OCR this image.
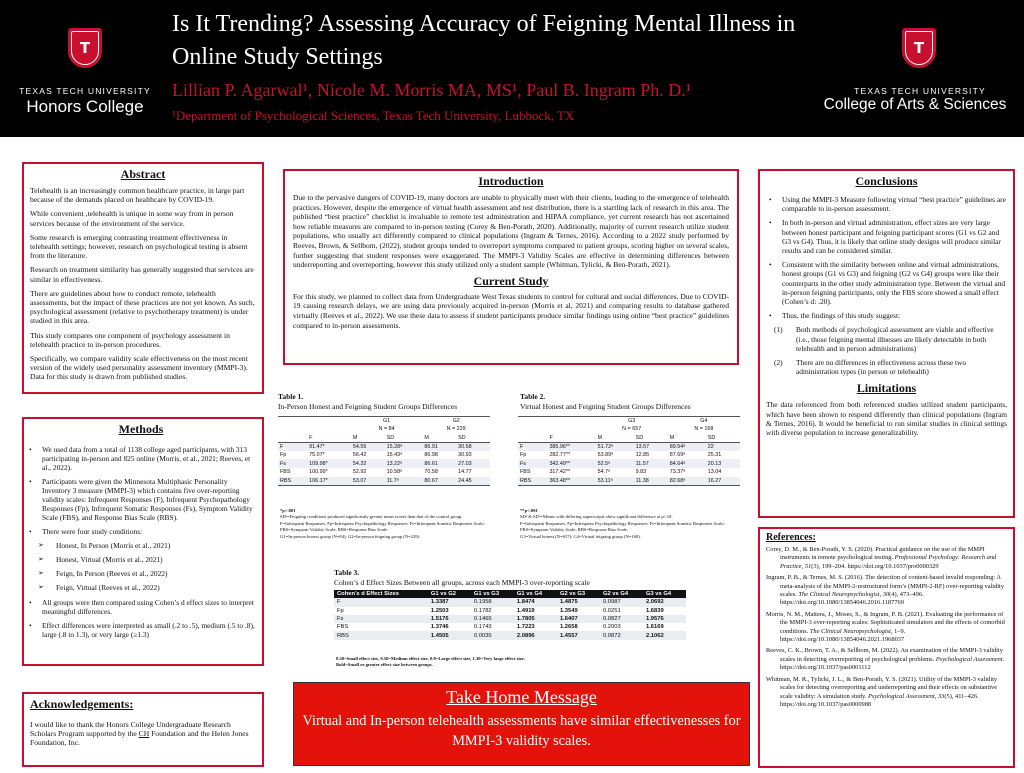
T
TEXAS TECH UNIVERSITY
Honors College
Is It Trending? Assessing Accuracy of Feigning Mental Illness in Online Study Settings
Lillian P. Agarwal¹, Nicole M. Morris MA, MS¹, Paul B. Ingram Ph. D.¹
¹Department of Psychological Sciences, Texas Tech University, Lubbock, TX
T
TEXAS TECH UNIVERSITY
College of Arts & Sciences
Abstract

Telehealth is an increasingly common healthcare practice, in large part because of the demands placed on healthcare by COVID-19.

While convenient ,telehealth is unique in some way from in person services because of the environment of the service.

Some research is emerging contrasting treatment effectiveness in telehealth settings; however, research on psychological testing is absent from the literature.

Research on treatment similarity has generally suggested that services are similar in effectiveness.

There are guidelines about how to conduct remote, telehealth assessments, but the impact of these practices are not yet known. As such, psychological assessment (relative to psychotherapy treatment) is under studied in this area.

This study compares one component of psychology assessment in telehealth practice to in-person procedures.

Specifically, we compare validity scale effectiveness on the most recent version of the widely used personality assessment inventory (MMPI-3). Data for this study is drawn from published studies.

Methods
• We used data from a total of 1138 college aged participants, with 313 participating in-person and 825 online (Morris, et al., 2021; Reeves, et al., 2022).
• Participants were given the Minnesota Multiphasic Personality Inventory 3 measure (MMPI-3) which contains five over-reporting validity scales: Infrequent Responses (F), Infrequent Psychopathology Responses (Fp), Infrequent Somatic Responses (Fs), Symptom Validity Scale (FBS), and Response Bias Scale (RBS).
• There were four study conditions:
➢ Honest, In Person (Morris et al., 2021)
➢ Honest, Virtual (Morris et al., 2021)
➢ Feign, In Person (Reeves et al., 2022)
➢ Feign, Virtual (Reeves et al., 2022)
• All groups were then compared using Cohen’s d effect sizes to interpret meaningful differences.
• Effect differences were interpreted as small (.2 to .5), medium (.5 to .8), large (.8 to 1.3), or very large (≥1.3)
Acknowledgements:
I would like to thank the Honors College Undergraduate Research Scholars Program supported by the CH Foundation and the Helen Jones Foundation, Inc.
Introduction
Due to the pervasive dangers of COVID-19, many doctors are unable to physically meet with their clients, leading to the emergence of telehealth practices. However, despite the emergence of virtual health assessment and test distribution, there is a startling lack of research in this area. The published “best practice” checklist is invaluable to remote test administration and HIPAA compliance, yet current research has not ascertained how reliable measures are compared to in-person testing (Corey & Ben-Porath, 2020). Additionally, majority of current research utilize student populations, who usually act differently compared to clinical populations (Ingram & Ternes, 2016). According to a 2022 study performed by Reeves, Brown, & Sellbom, (2022), student groups tended to overreport symptoms compared to patient groups, scoring higher on several scales, further suggesting that student responses were exaggerated. The MMPI-3 Validity Scales are effective in determining differences between underreporting and overreporting, however this study utilized only a student sample (Whitman, Tylicki, & Ben-Porath, 2021).
Current Study
For this study, we planned to collect data from Undergraduate West Texas students to control for cultural and social differences. Due to COVID-19 causing research delays, we are using data previously acquired in-person (Morris et al, 2021) and comparing results to database gathered virtually (Reeves et al., 2022). We use these data to assess if student participants produce similar findings using online “best practice” guidelines compared to in-person assessments.
Table 1.
In-Person Honest and Feigning Student Groups Differences
		G1		G2	
		N = 84		N = 229	
	F	M	SD	M	SD
F	91.47*	54.55	15.28ᵃ	86.91	30.58
Fp	75.07*	56.42	15.43ᵃ	86.98	30.93
Fs	109.98*	54.32	13.22ᵃ	86.61	27.03
FBS	100.99*	52.92	10.58ᵃ	70.58	14.77
RBS	106.17*	53.07	11.7ᵃ	80.67	24.45
*p<.001
SDᵃ=Feigning conditions produced significantly greater mean scores than that of the control group.
F=Infrequent Responses; Fp=Infrequent Psychopathology Responses; Fs=Infrequent Somatic Responses Scale; FBS=Symptom Validity Scale; RBS=Response Bias Scale.
G1=In-person honest group (N=84); G2=In-person feigning group (N=229).
Table 2.
Virtual Honest and Feigning Student Groups Differences
		G3		G4	
		N = 657		N = 168	
	F	M	SD	M	SD
F	385.96**	51.72ᵃ	13.57	89.54ᵃ	22
Fp	282.77**	53.89ᵃ	12.85	87.69ᵃ	25.31
Fs	342.49**	52.5ᵃ	11.57	84.64ᵃ	20.13
FBS	317.42**	54.7ᵃ	9.83	73.37ᵃ	13.04
RBS	363.48**	53.11ᵃ	11.38	82.68ᵃ	16.27
**p<.001
SDᵃ & SDᵇ=Means with differing superscripts show significant difference at p<.01.
F=Infrequent Responses; Fp=Infrequent Psychopathology Responses; Fs=Infrequent Somatic Responses Scale; FBS=Symptom Validity Scale; RBS=Response Bias Scale.
G3=Virtual honest (N=657); G4=Virtual feigning group (N=168).
Table 3.
Cohen’s d Effect Sizes Between all groups, across each MMPI-3 over-reporting scale
Cohen’s d Effect Sizes	G1 vs G2	G1 vs G3	G1 vs G4	G2 vs G3	G2 vs G4	G3 vs G4
F	1.3387	0.1958	1.8474	1.4875	0.0987	2.0692
Fp	1.2503	0.1782	1.4919	1.3549	0.0251	1.6839
Fs	1.5176	0.1465	1.7805	1.6407	0.0827	1.9576
FBS	1.3746	0.1743	1.7223	1.2658	0.2003	1.6169
RBS	1.4505	0.0035	2.0896	1.4557	0.0872	2.1062
0.20=Small effect size, 0.50=Medium effect size, 0.8=Large effect size, 1.30=Very large effect size.
Bold=Small or greater effect size between groups.
Take Home Message
Virtual and In-person telehealth assessments have similar effectivenesses for MMPI-3 validity scales.
Conclusions
• Using the MMPI-3 Measure following virtual “best practice” guidelines are comparable to in-person assessment.
• In both in-person and virtual administration, effect sizes are very large between honest participant and feigning participant scores (G1 vs G2 and G3 vs G4). Thus, it is likely that online study designs will produce similar results and can be considered similar.
• Consistent with the similarity between online and virtual administrations, honest groups (G1 vs G3) and feigning (G2 vs G4) groups were like their counterparts in the other study administration type. Between the virtual and in-person feigning participants, only the FBS score showed a small effect (Cohen’s d: .20).
• Thus, the findings of this study suggest:
(1)	Both methods of psychological assessment are viable and effective (i.e., those feigning mental illnesses are likely detectable in both telehealth and in person administrations)
(2)	There are no differences in effectiveness across these two administration types (in person or telehealth)
Limitations
The data referenced from both referenced studies utilized student participants, which have been shown to respond differently than clinical populations (Ingram & Ternes, 2016). It would be beneficial to run similar studies in clinical settings with diverse population to increase generalizability.
References:
Corey, D. M., & Ben-Porath, Y. S. (2020). Practical guidance on the use of the MMPI instruments in remote psychological testing. Professional Psychology: Research and Practice, 51(3), 199–204. https://doi.org/10.1037/pro0000329
Ingram, P. B., & Ternes, M. S. (2016). The detection of content-based invalid responding: A meta-analysis of the MMPI-2-restructured form’s (MMPI-2-RF) over-reporting validity scales. The Clinical Neuropsychologist, 30(4), 473–496. https://doi.org/10.1080/13854046.2016.1187769
Morris, N. M., Mattera, J., Moses, S., & Ingram, P. B. (2021). Evaluating the performance of the MMPI-3 over-reporting scales: Sophisticated simulators and the effects of comorbid conditions. The Clinical Neuropsychologist, 1–9. https://doi.org/10.1080/13854046.2021.1968037
Reeves, C. K., Brown, T. A., & Sellbom, M. (2022). An examination of the MMPI-3 validity scales in detecting overreporting of psychological problems. Psychological Assessment. https://doi.org/10.1037/pas0001112
Whitman, M. R., Tylicki, J. L., & Ben-Porath, Y. S. (2021). Utility of the MMPI-3 validity scales for detecting overreporting and underreporting and their effects on substantive scale validity: A simulation study. Psychological Assessment, 33(5), 411–426. https://doi.org/10.1037/pas0000988
